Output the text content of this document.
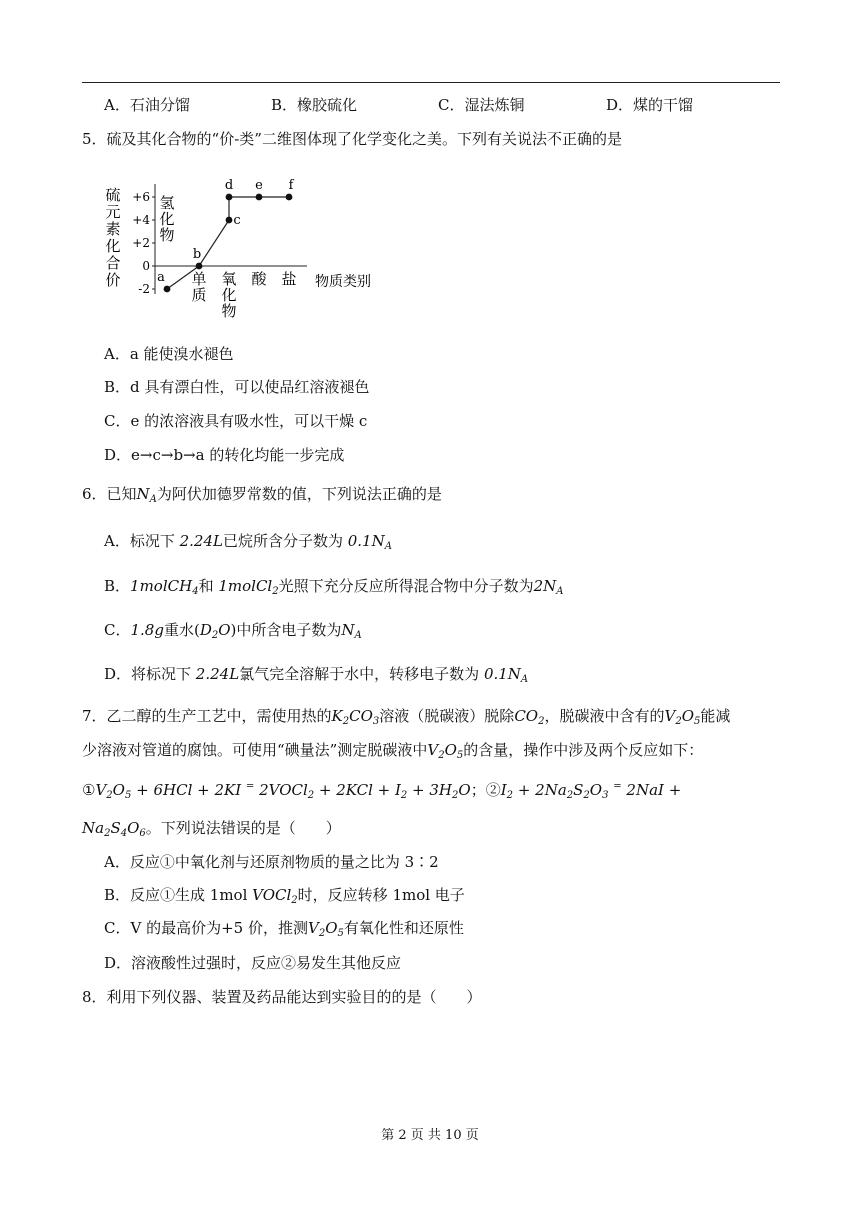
A．石油分馏	B．橡胶硫化	C．湿法炼铜	D．煤的干馏
5．硫及其化合物的“价-类”二维图体现了化学变化之美。下列有关说法不正确的是
硫
元
素
化
合
价
+6
+4
+2
0
-2
氢
化
物
单
质
氧
化
物
酸 盐 物质类别
a
b
c
d e f
A．a 能使溴水褪色
B．d 具有漂白性，可以使品红溶液褪色
C．e 的浓溶液具有吸水性，可以干燥 c
D．e→c→b→a 的转化均能一步完成
6．已知$N_A$为阿伏加德罗常数的值，下列说法正确的是
A．标况下 2.24L已烷所含分子数为 $0.1N_A$
B．1molCH$_4$和 1molCl$_2$光照下充分反应所得混合物中分子数为$2N_A$
C．1.8g重水$(D_2O)$中所含电子数为$N_A$
D．将标况下 2.24L氯气完全溶解于水中，转移电子数为 $0.1N_A$
7．乙二醇的生产工艺中，需使用热的$K_2CO_3$溶液（脱碳液）脱除$CO_2$，脱碳液中含有的$V_2O_5$能减
少溶液对管道的腐蚀。可使用“碘量法”测定脱碳液中$V_2O_5$的含量，操作中涉及两个反应如下：
$①V_2O_5 + 6HCl + 2KI$ = 2VOCl$_2$ + $2KCl + I_2 + 3H_2O$；$②I_2 + 2Na_2S_2O_3$ = 2NaI +
$Na_2S_4O_6$。下列说法错误的是（　　）
A．反应①中氧化剂与还原剂物质的量之比为 3∶2
B．反应①生成 1mol VOCl$_2$时，反应转移 1mol 电子
C．V 的最高价为+5 价，推测$V_2O_5$有氧化性和还原性
D．溶液酸性过强时，反应②易发生其他反应
8．利用下列仪器、装置及药品能达到实验目的的是（　　）
第 2 页 共 10 页
